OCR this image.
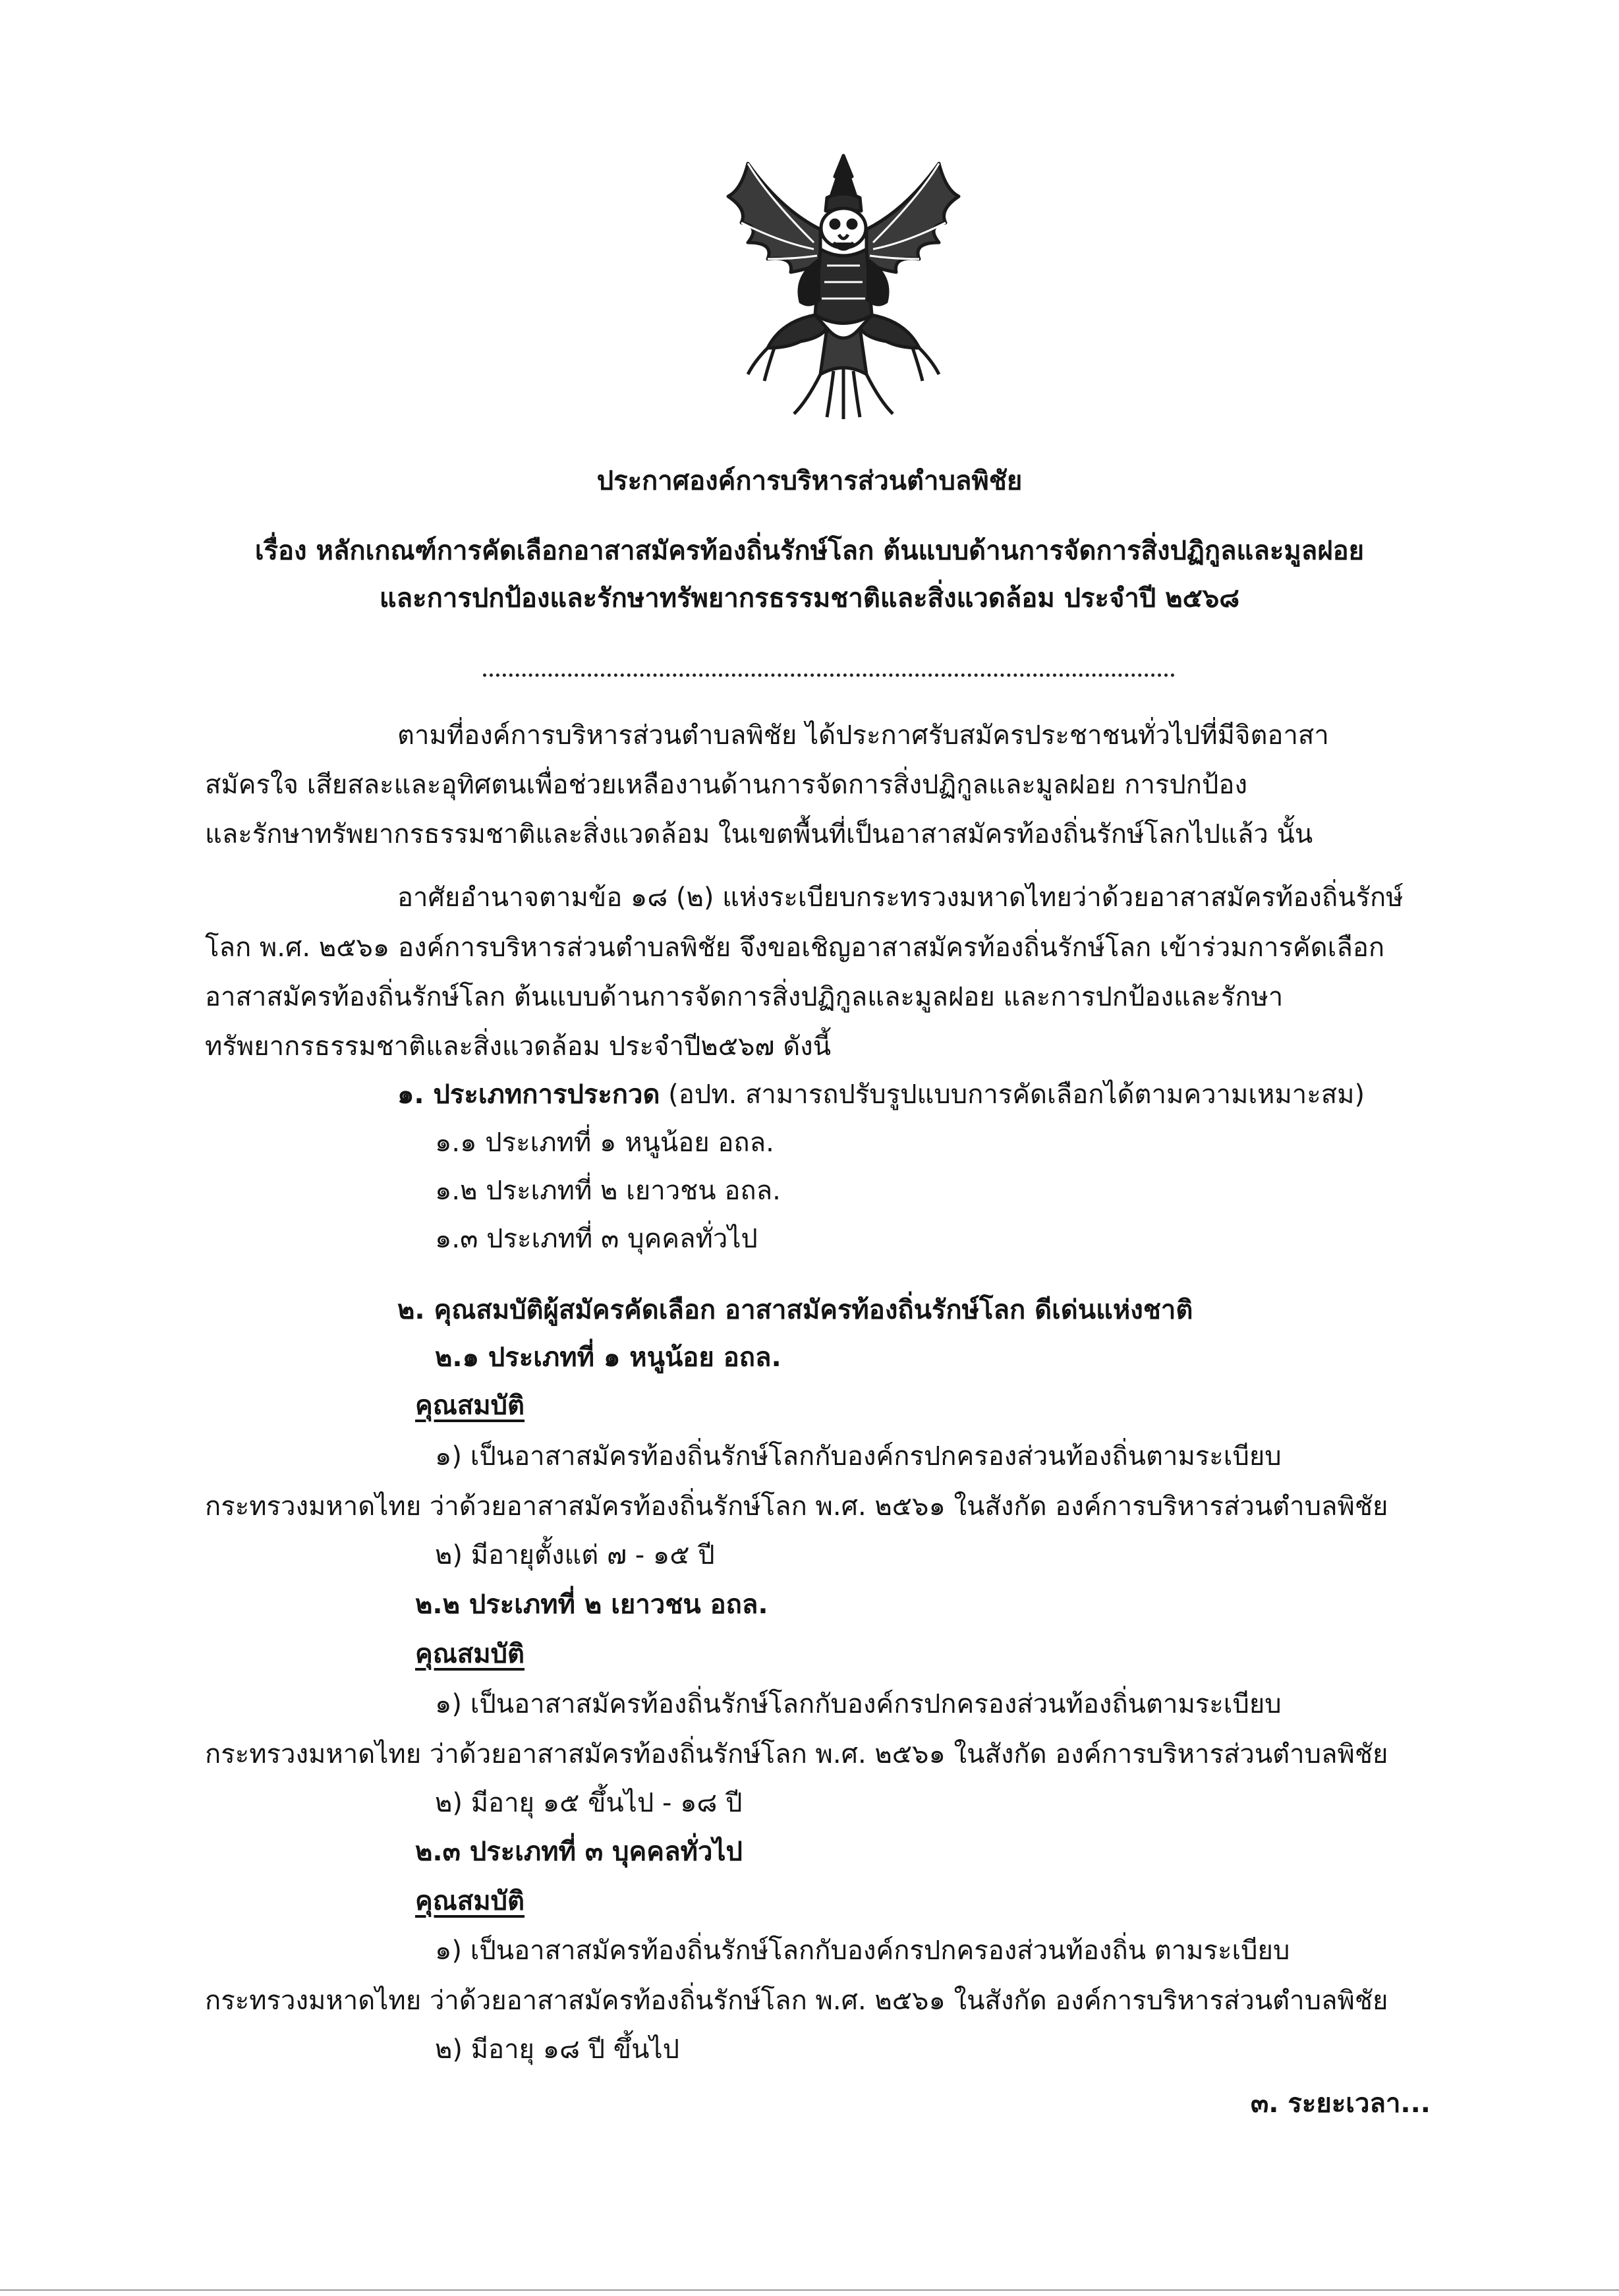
ประกาศองค์การบริหารส่วนตำบลพิชัย
เรื่อง หลักเกณฑ์การคัดเลือกอาสาสมัครท้องถิ่นรักษ์โลก ต้นแบบด้านการจัดการสิ่งปฏิกูลและมูลฝอย
และการปกป้องและรักษาทรัพยากรธรรมชาติและสิ่งแวดล้อม ประจำปี ๒๕๖๘
ตามที่องค์การบริหารส่วนตำบลพิชัย ได้ประกาศรับสมัครประชาชนทั่วไปที่มีจิตอาสา
สมัครใจ เสียสละและอุทิศตนเพื่อช่วยเหลืองานด้านการจัดการสิ่งปฏิกูลและมูลฝอย การปกป้อง
และรักษาทรัพยากรธรรมชาติและสิ่งแวดล้อม ในเขตพื้นที่เป็นอาสาสมัครท้องถิ่นรักษ์โลกไปแล้ว นั้น
อาศัยอำนาจตามข้อ ๑๘ (๒) แห่งระเบียบกระทรวงมหาดไทยว่าด้วยอาสาสมัครท้องถิ่นรักษ์
โลก พ.ศ. ๒๕๖๑ องค์การบริหารส่วนตำบลพิชัย จึงขอเชิญอาสาสมัครท้องถิ่นรักษ์โลก เข้าร่วมการคัดเลือก
อาสาสมัครท้องถิ่นรักษ์โลก ต้นแบบด้านการจัดการสิ่งปฏิกูลและมูลฝอย และการปกป้องและรักษา
ทรัพยากรธรรมชาติและสิ่งแวดล้อม ประจำปี๒๕๖๗ ดังนี้
๑. ประเภทการประกวด (อปท. สามารถปรับรูปแบบการคัดเลือกได้ตามความเหมาะสม)
๑.๑ ประเภทที่ ๑ หนูน้อย อถล.
๑.๒ ประเภทที่ ๒ เยาวชน อถล.
๑.๓ ประเภทที่ ๓ บุคคลทั่วไป
๒. คุณสมบัติผู้สมัครคัดเลือก อาสาสมัครท้องถิ่นรักษ์โลก ดีเด่นแห่งชาติ
๒.๑ ประเภทที่ ๑ หนูน้อย อถล.
คุณสมบัติ
๑) เป็นอาสาสมัครท้องถิ่นรักษ์โลกกับองค์กรปกครองส่วนท้องถิ่นตามระเบียบ
กระทรวงมหาดไทย ว่าด้วยอาสาสมัครท้องถิ่นรักษ์โลก พ.ศ. ๒๕๖๑ ในสังกัด องค์การบริหารส่วนตำบลพิชัย
๒) มีอายุตั้งแต่ ๗ - ๑๕ ปี
๒.๒ ประเภทที่ ๒ เยาวชน อถล.
คุณสมบัติ
๑) เป็นอาสาสมัครท้องถิ่นรักษ์โลกกับองค์กรปกครองส่วนท้องถิ่นตามระเบียบ
กระทรวงมหาดไทย ว่าด้วยอาสาสมัครท้องถิ่นรักษ์โลก พ.ศ. ๒๕๖๑ ในสังกัด องค์การบริหารส่วนตำบลพิชัย
๒) มีอายุ ๑๕ ขึ้นไป - ๑๘ ปี
๒.๓ ประเภทที่ ๓ บุคคลทั่วไป
คุณสมบัติ
๑) เป็นอาสาสมัครท้องถิ่นรักษ์โลกกับองค์กรปกครองส่วนท้องถิ่น ตามระเบียบ
กระทรวงมหาดไทย ว่าด้วยอาสาสมัครท้องถิ่นรักษ์โลก พ.ศ. ๒๕๖๑ ในสังกัด องค์การบริหารส่วนตำบลพิชัย
๒) มีอายุ ๑๘ ปี ขึ้นไป
๓. ระยะเวลา...
